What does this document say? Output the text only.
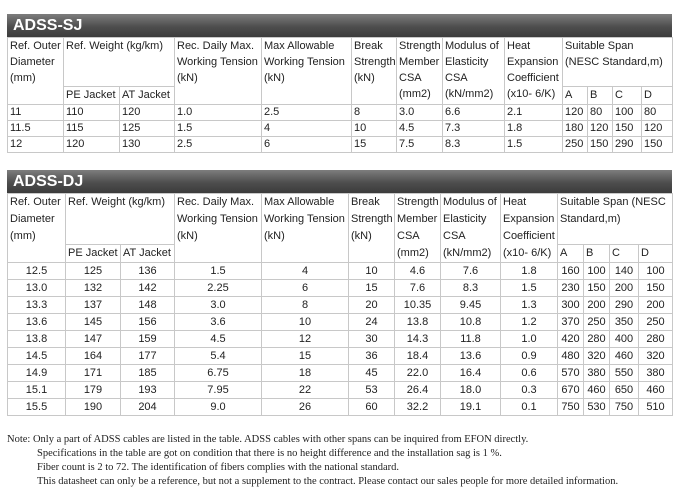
ADSS-SJ
Ref. Outer Diameter (mm)	Ref. Weight (kg/km)		Rec. Daily Max. Working Tension (kN)	Max Allowable Working Tension (kN)	Break Strength (kN)	Strength Member CSA (mm2)	Modulus of Elasticity CSA (kN/mm2)	Heat Expansion Coefficient (x10- 6/K)	Suitable Span (NESC Standard,m)			
	PE Jacket	AT Jacket							A	B	C	D
11	110	120	1.0	2.5	8	3.0	6.6	2.1	120	80	100	80
11.5	115	125	1.5	4	10	4.5	7.3	1.8	180	120	150	120
12	120	130	2.5	6	15	7.5	8.3	1.5	250	150	290	150
ADSS-DJ
Ref. Outer Diameter (mm)	Ref. Weight (kg/km)		Rec. Daily Max. Working Tension (kN)	Max Allowable Working Tension (kN)	Break Strength (kN)	Strength Member CSA (mm2)	Modulus of Elasticity CSA (kN/mm2)	Heat Expansion Coefficient (x10- 6/K)	Suitable Span (NESC Standard,m)			
	PE Jacket	AT Jacket							A	B	C	D
12.5	125	136	1.5	4	10	4.6	7.6	1.8	160	100	140	100
13.0	132	142	2.25	6	15	7.6	8.3	1.5	230	150	200	150
13.3	137	148	3.0	8	20	10.35	9.45	1.3	300	200	290	200
13.6	145	156	3.6	10	24	13.8	10.8	1.2	370	250	350	250
13.8	147	159	4.5	12	30	14.3	11.8	1.0	420	280	400	280
14.5	164	177	5.4	15	36	18.4	13.6	0.9	480	320	460	320
14.9	171	185	6.75	18	45	22.0	16.4	0.6	570	380	550	380
15.1	179	193	7.95	22	53	26.4	18.0	0.3	670	460	650	460
15.5	190	204	9.0	26	60	32.2	19.1	0.1	750	530	750	510
Note: Only a part of ADSS cables are listed in the table. ADSS cables with other spans can be inquired from EFON directly.
Specifications in the table are got on condition that there is no height difference and the installation sag is 1 %.
Fiber count is 2 to 72. The identification of fibers complies with the national standard.
This datasheet can only be a reference, but not a supplement to the contract. Please contact our sales people for more detailed information.
